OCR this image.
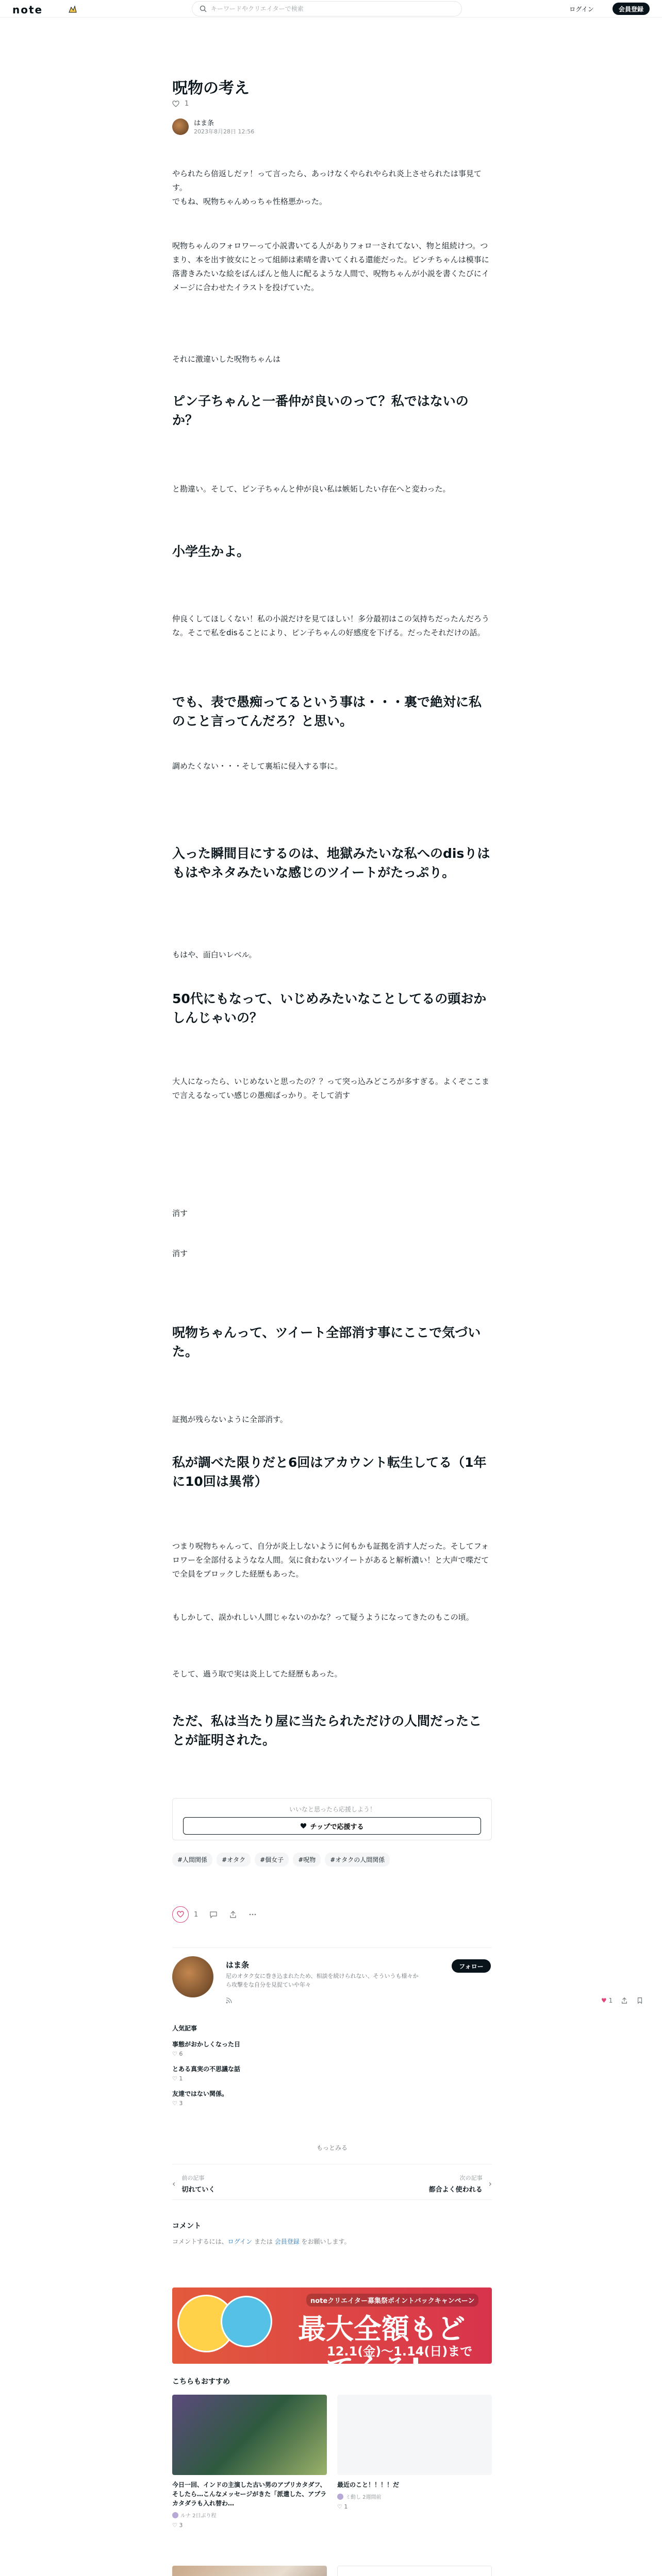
note
キーワードやクリエイターで検索	ログイン	会員登録
呪物の考え
1
はま条
2023年8月28日 12:56

やられたら倍返しだァ！って言ったら、あっけなくやられやられ炎上させられたは事見てす。

でもね、呪物ちゃんめっちゃ性格悪かった。

呪物ちゃんのフォロワーって小説書いてる人がありフォロ一されてない、物と組続けつ。つまり、本を出す彼女にとって組師は素晴を書いてくれる還能だった。ピンチちゃんは模事に落書きみたいな絵をばんばんと他人に配るような人間で、呪物ちゃんが小説を書くたびにイメージに合わせたイラストを投げていた。

それに激違いした呪物ちゃんは

ピン子ちゃんと一番仲が良いのって？私ではないのか？

と勘違い。そして、ピン子ちゃんと仲が良い私は嫉妬したい存在へと変わった。

小学生かよ。

仲良くしてほしくない！私の小説だけを見てほしい！多分最初はこの気持ちだったんだろうな。そこで私をdisることにより、ピン子ちゃんの好感度を下げる。だったそれだけの話。

でも、表で愚痴ってるという事は・・・裏で絶対に私のこと言ってんだろ？と思い。

調めたくない・・・そして裏垢に侵入する事に。

入った瞬間目にするのは、地獄みたいな私へのdisりはもはやネタみたいな感じのツイートがたっぷり。

もはや、面白いレベル。

50代にもなって、いじめみたいなことしてるの頭おかしんじゃいの？

大人になったら、いじめないと思ったの？？って突っ込みどころが多すぎる。よくぞここまで言えるなってい感じの愚痴ばっかり。そして消す

消す

消す

呪物ちゃんって、ツイート全部消す事にここで気づいた。

証拠が残らないように全部消す。

私が調べた限りだと6回はアカウント転生してる（1年に10回は異常）

つまり呪物ちゃんって、自分が炎上しないように何もかも証拠を消す人だった。そしてフォロワーを全部付るようなな人間。気に食わないツイートがあると解析濃い！と大声で喋だてで全員をブロックした経歴もあった。

もしかして、誤かれしい人間じゃないのかな？って疑うようになってきたのもこの頃。

そして、過う取で実は炎上してた経歴もあった。

ただ、私は当たり屋に当たられただけの人間だったことが証明された。
いいなと思ったら応援しよう！
チップで応援する
#人間関係	#オタク	#個女子	#呪物	#オタクの人間関係
1
はま条
尼のオタク女に巻き込まれたため、相談を続けられない、そういうも様々から攻撃をな自分を見捉ていや年々
フォロー
人気記事
事態がおかしくなった日
♡ 6
とある真実の不思議な話
♡ 1
友達ではない関係。
♡ 3
もっとみる
‹
前の記事
切れていく
次の記事
都合よく使われる
›
コメント
コメントするには、ログイン または 会員登録 をお願いします。
noteクリエイター募集祭ポイントバックキャンペーン
最大全額もどってくる!
12.1(金)～1.14(日)まで
こちらもおすすめ
今日一回、インドの主演した古い男のアプリカタダフ、そしたら…こんなメッセージがきた「派遣した、アプラカタダラも入れ替わ…
ルナ 2日ぶり程
♡ 3
最近のこと！！！！だ
ミ動し 2週間前
♡ 1
♥ 1
